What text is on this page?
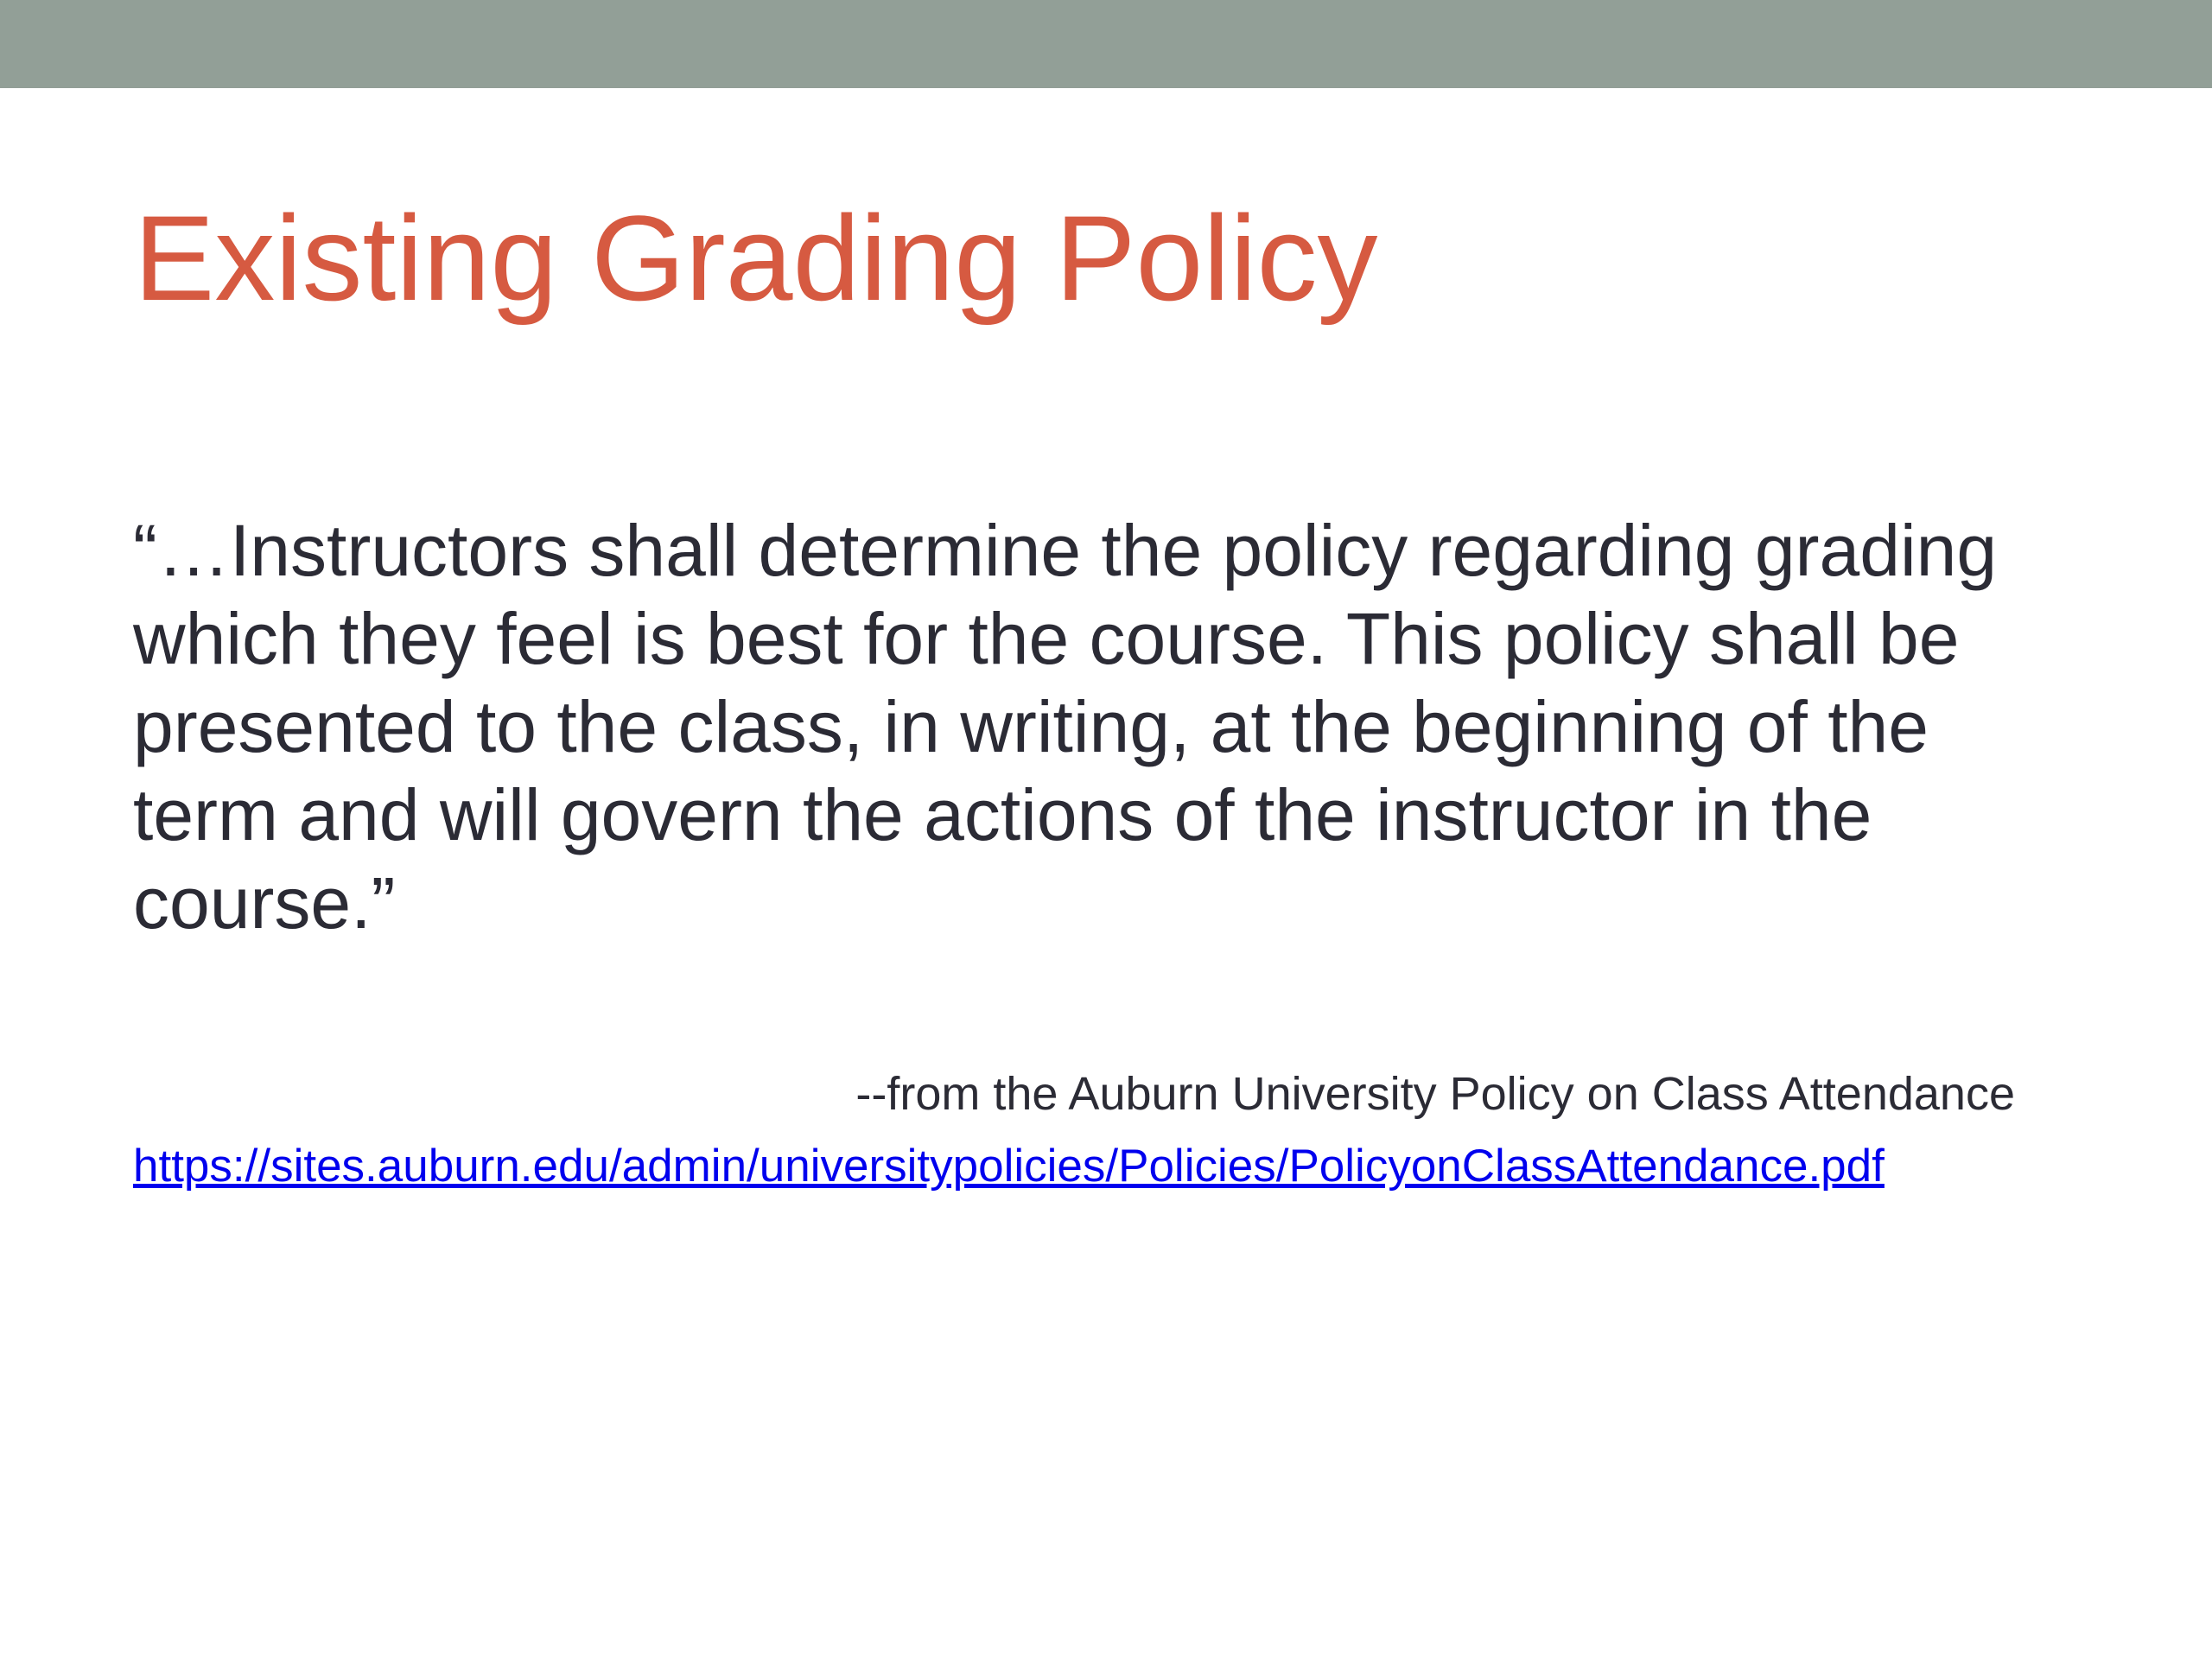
Existing Grading Policy

“…Instructors shall determine the policy regarding grading
which they feel is best for the course. This policy shall be
presented to the class, in writing, at the beginning of the
term and will govern the actions of the instructor in the
course.”

--from the Auburn University Policy on Class Attendance

https://sites.auburn.edu/admin/universitypolicies/Policies/PolicyonClassAttendance.pdf
